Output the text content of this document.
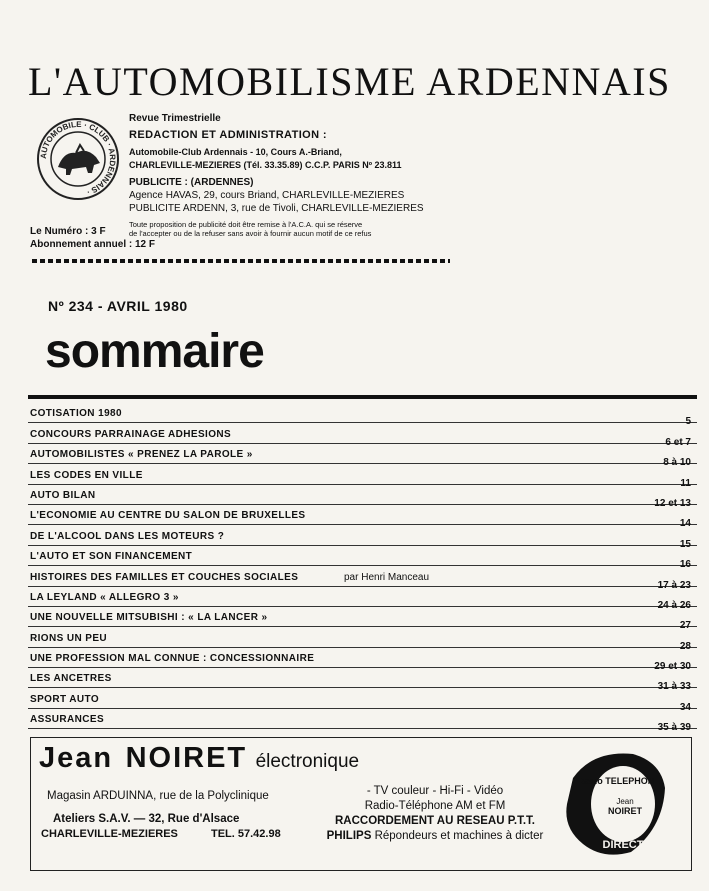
L'AUTOMOBILISME ARDENNAIS
AUTOMOBILE · CLUB · ARDENNAIS ·
Revue Trimestrielle
REDACTION ET ADMINISTRATION :
Automobile-Club Ardennais - 10, Cours A.-Briand,
CHARLEVILLE-MEZIERES (Tél. 33.35.89) C.C.P. PARIS Nº 23.811
PUBLICITE : (ARDENNES)
Agence HAVAS, 29, cours Briand, CHARLEVILLE-MEZIERES
PUBLICITE ARDENN, 3, rue de Tivoli, CHARLEVILLE-MEZIERES
Toute proposition de publicité doit être remise à l'A.C.A. qui se réserve
de l'accepter ou de la refuser sans avoir à fournir aucun motif de ce refus
Le Numéro : 3 F
Abonnement annuel : 12 F
Nº 234 - AVRIL 1980
sommaire
COTISATION 1980
5
CONCOURS PARRAINAGE ADHESIONS
6 et 7
AUTOMOBILISTES « PRENEZ LA PAROLE »
8 à 10
LES CODES EN VILLE
11
AUTO BILAN
12 et 13
L'ECONOMIE AU CENTRE DU SALON DE BRUXELLES
14
DE L'ALCOOL DANS LES MOTEURS ?
15
L'AUTO ET SON FINANCEMENT
16
HISTOIRES DES FAMILLES ET COUCHES SOCIALES	par Henri Manceau
17 à 23
LA LEYLAND « ALLEGRO 3 »
24 à 26
UNE NOUVELLE MITSUBISHI : « LA LANCER »
27
RIONS UN PEU
28
UNE PROFESSION MAL CONNUE : CONCESSIONNAIRE
29 et 30
LES ANCETRES
31 à 33
SPORT AUTO
34
ASSURANCES
35 à 39
Jean NOIRET électronique
Magasin ARDUINNA, rue de la Polyclinique
Ateliers S.A.V. — 32, Rue d'Alsace
CHARLEVILLE-MEZIERES	TEL. 57.42.98
- TV couleur - Hi-Fi - Vidéo
Radio-Téléphone AM et FM
RACCORDEMENT AU RESEAU P.T.T.
PHILIPS Répondeurs et machines à dicter
Radio TELEPHONE
Jean
NOIRET
DIRECT
